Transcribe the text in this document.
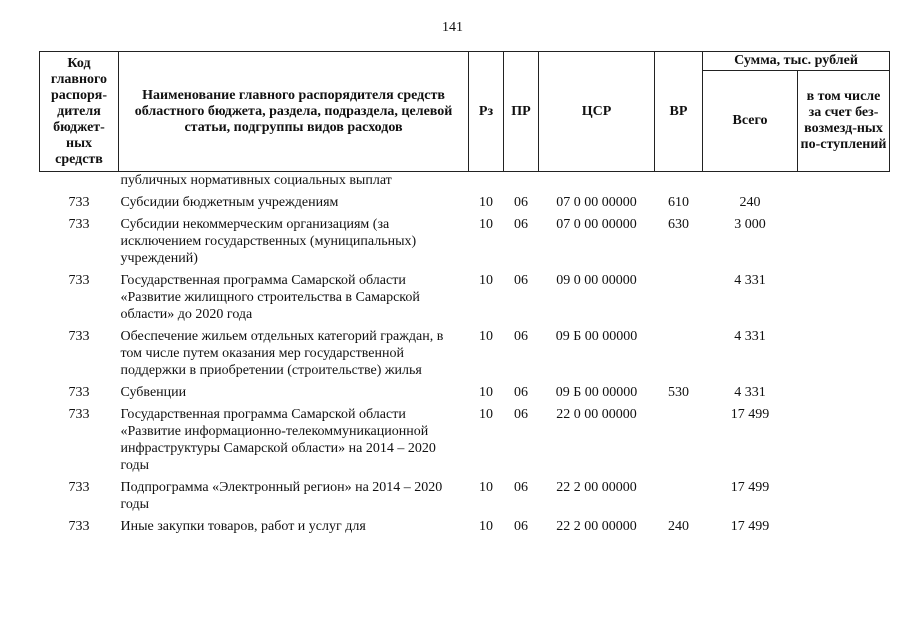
141
Код главного распоря-дителя бюджет-ных средств	Наименование главного распорядителя средств областного бюджета, раздела, подраздела, целевой статьи, подгруппы видов расходов	Рз	ПР	ЦСР	ВР	Сумма, тыс. рублей	
						Всего	в том числе за счет без-возмезд-ных по-ступлений
	публичных нормативных социальных выплат						
733	Субсидии бюджетным учреждениям	10	06	07 0 00 00000	610	240	
733	Субсидии некоммерческим организациям (за исключением государственных (муниципальных) учреждений)	10	06	07 0 00 00000	630	3 000	
733	Государственная программа Самарской области «Развитие жилищного строительства в Самарской области» до 2020 года	10	06	09 0 00 00000		4 331	
733	Обеспечение жильем отдельных категорий граждан, в том числе путем оказания мер государственной поддержки в приобретении (строительстве) жилья	10	06	09 Б 00 00000		4 331	
733	Субвенции	10	06	09 Б 00 00000	530	4 331	
733	Государственная программа Самарской области «Развитие информационно-телекоммуникационной инфраструктуры Самарской области» на 2014 – 2020 годы	10	06	22 0 00 00000		17 499	
733	Подпрограмма «Электронный регион» на 2014 – 2020 годы	10	06	22 2 00 00000		17 499	
733	Иные закупки товаров, работ и услуг для	10	06	22 2 00 00000	240	17 499	
